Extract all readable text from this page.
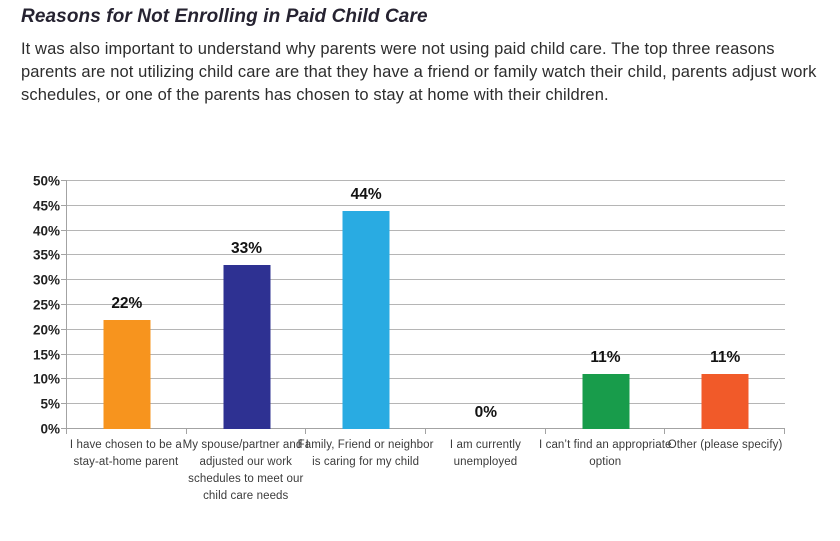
Reasons for Not Enrolling in Paid Child Care

It was also important to understand why parents were not using paid child care. The top three reasons parents are not utilizing child care are that they have a friend or family watch their child, parents adjust work schedules, or one of the parents has chosen to stay at home with their children.

0%
5%
10%
15%
20%
25%
30%
35%
40%
45%
50%
22%
33%
44%
0%
11%	11%
I have chosen to be a stay-at-home parent
My spouse/partner and I adjusted our work schedules to meet our child care needs
Family, Friend or neighbor is caring for my child
I am currently unemployed
I can’t find an appropriate option
Other (please specify)
